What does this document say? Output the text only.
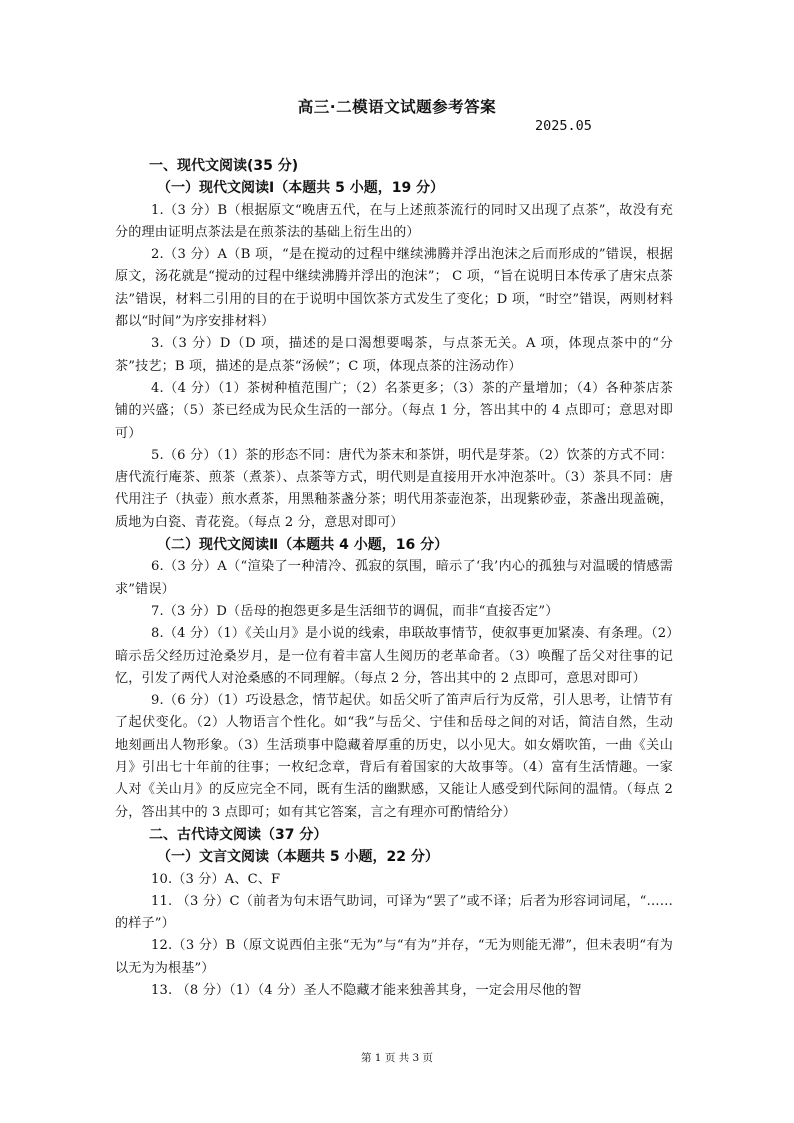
高三·二模语文试题参考答案
2025.05

一、现代文阅读(35 分)

（一）现代文阅读Ⅰ（本题共 5 小题，19 分）

1.（3 分）B（根据原文“晚唐五代，在与上述煎茶流行的同时又出现了点茶”，故没有充分的理由证明点茶法是在煎茶法的基础上衍生出的）

2.（3 分）A（B 项，“是在搅动的过程中继续沸腾并浮出泡沫之后而形成的”错误，根据原文，汤花就是“搅动的过程中继续沸腾并浮出的泡沫”； C 项，“旨在说明日本传承了唐宋点茶法”错误，材料二引用的目的在于说明中国饮茶方式发生了变化；D 项，“时空”错误，两则材料都以“时间”为序安排材料）

3.（3 分）D（D 项，描述的是口渴想要喝茶，与点茶无关。A 项，体现点茶中的“分茶”技艺；B 项，描述的是点茶“汤候”；C 项，体现点茶的注汤动作）

4.（4 分）（1）茶树种植范围广；（2）名茶更多；（3）茶的产量增加；（4）各种茶店茶铺的兴盛；（5）茶已经成为民众生活的一部分。（每点 1 分，答出其中的 4 点即可；意思对即可）

5.（6 分）（1）茶的形态不同：唐代为茶末和茶饼，明代是芽茶。（2）饮茶的方式不同：唐代流行庵茶、煎茶（煮茶）、点茶等方式，明代则是直接用开水冲泡茶叶。（3）茶具不同：唐代用注子（执壶）煎水煮茶，用黑釉茶盏分茶；明代用茶壶泡茶，出现紫砂壶，茶盏出现盖碗，质地为白瓷、青花瓷。（每点 2 分，意思对即可）

（二）现代文阅读Ⅱ（本题共 4 小题，16 分）

6.（3 分）A（“渲染了一种清冷、孤寂的氛围，暗示了‘我’内心的孤独与对温暖的情感需求”错误）

7.（3 分）D（岳母的抱怨更多是生活细节的调侃，而非“直接否定”）

8.（4 分）（1）《关山月》是小说的线索，串联故事情节，使叙事更加紧凑、有条理。（2）暗示岳父经历过沧桑岁月，是一位有着丰富人生阅历的老革命者。（3）唤醒了岳父对往事的记忆，引发了两代人对沧桑感的不同理解。（每点 2 分，答出其中的 2 点即可，意思对即可）

9.（6 分）（1）巧设悬念，情节起伏。如岳父听了笛声后行为反常，引人思考，让情节有了起伏变化。（2）人物语言个性化。如“我”与岳父、宁佳和岳母之间的对话，简洁自然，生动地刻画出人物形象。（3）生活琐事中隐藏着厚重的历史，以小见大。如女婿吹笛，一曲《关山月》引出七十年前的往事；一枚纪念章，背后有着国家的大故事等。（4）富有生活情趣。一家人对《关山月》的反应完全不同，既有生活的幽默感，又能让人感受到代际间的温情。（每点 2 分，答出其中的 3 点即可；如有其它答案，言之有理亦可酌情给分）

二、古代诗文阅读（37 分）

（一）文言文阅读（本题共 5 小题，22 分）

10.（3 分）A、C、F

11. （3 分）C（前者为句末语气助词，可译为“罢了”或不译；后者为形容词词尾，“……的样子”）

12.（3 分）B（原文说西伯主张“无为”与“有为”并存，“无为则能无滞”，但未表明“有为以无为为根基”）

13. （8 分）（1）（4 分）圣人不隐藏才能来独善其身，一定会用尽他的智

第 1 页 共 3 页
